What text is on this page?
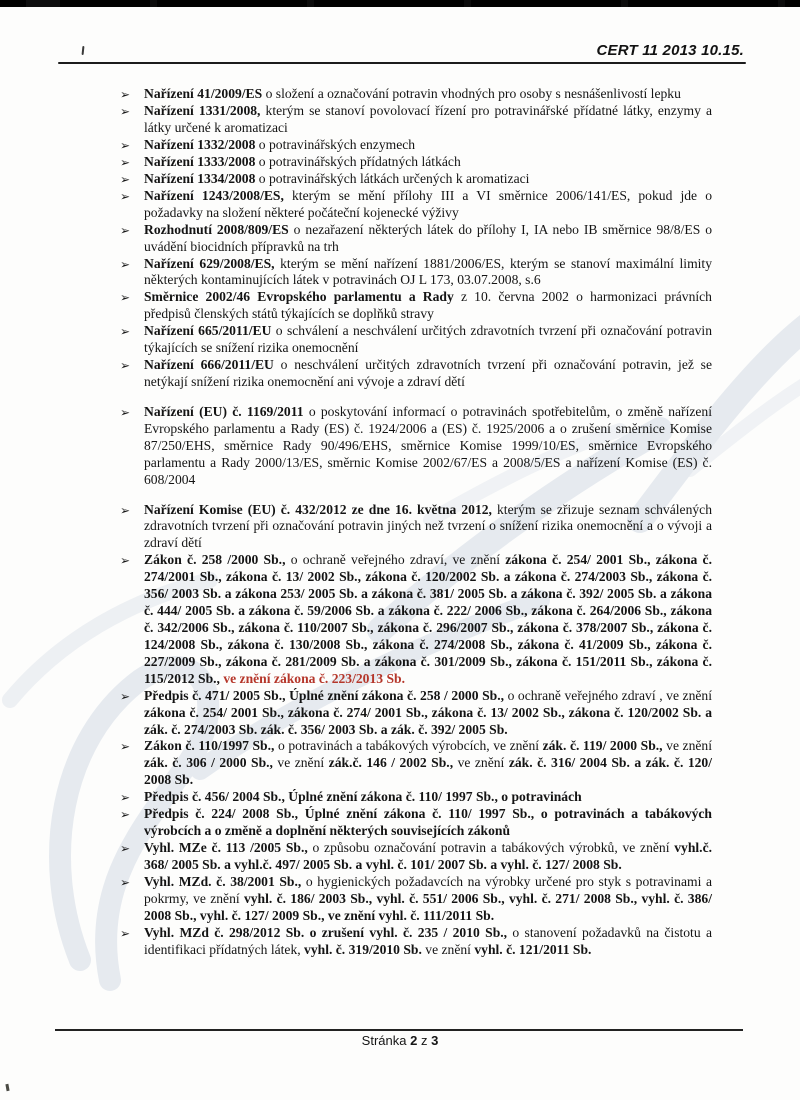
CERT 11 2013 10.15.
➢	Nařízení 41/2009/ES o složení a označování potravin vhodných pro osoby s nesnášenlivostí lepku
➢	Nařízení 1331/2008, kterým se stanoví povolovací řízení pro potravinářské přídatné látky, enzymy a látky určené k aromatizaci
➢	Nařízení 1332/2008 o potravinářských enzymech
➢	Nařízení 1333/2008 o potravinářských přídatných látkách
➢	Nařízení 1334/2008 o potravinářských látkách určených k aromatizaci
➢	Nařízení 1243/2008/ES, kterým se mění přílohy III a VI směrnice 2006/141/ES, pokud jde o požadavky na složení některé počáteční kojenecké výživy
➢	Rozhodnutí 2008/809/ES o nezařazení některých látek do přílohy I, IA nebo IB směrnice 98/8/ES o uvádění biocidních přípravků na trh
➢	Nařízení 629/2008/ES, kterým se mění nařízení 1881/2006/ES, kterým se stanoví maximální limity některých kontaminujících látek v potravinách OJ L 173, 03.07.2008, s.6
➢	Směrnice 2002/46 Evropského parlamentu a Rady z 10. června 2002 o harmonizaci právních předpisů členských států týkajících se doplňků stravy
➢	Nařízení 665/2011/EU o schválení a neschválení určitých zdravotních tvrzení při označování potravin týkajících se snížení rizika onemocnění
➢	Nařízení 666/2011/EU o neschválení určitých zdravotních tvrzení při označování potravin, jež se netýkají snížení rizika onemocnění ani vývoje a zdraví dětí
➢	Nařízení (EU) č. 1169/2011 o poskytování informací o potravinách spotřebitelům, o změně nařízení Evropského parlamentu a Rady (ES) č. 1924/2006 a (ES) č. 1925/2006 a o zrušení směrnice Komise 87/250/EHS, směrnice Rady 90/496/EHS, směrnice Komise 1999/10/ES, směrnice Evropského parlamentu a Rady 2000/13/ES, směrnic Komise 2002/67/ES a 2008/5/ES a nařízení Komise (ES) č. 608/2004
➢	Nařízení Komise (EU) č. 432/2012 ze dne 16. května 2012, kterým se zřizuje seznam schválených zdravotních tvrzení při označování potravin jiných než tvrzení o snížení rizika onemocnění a o vývoji a zdraví dětí
➢	Zákon č. 258 /2000 Sb., o ochraně veřejného zdraví, ve znění zákona č. 254/ 2001 Sb., zákona č. 274/2001 Sb., zákona č. 13/ 2002 Sb., zákona č. 120/2002 Sb. a zákona č. 274/2003 Sb., zákona č. 356/ 2003 Sb. a zákona 253/ 2005 Sb. a zákona č. 381/ 2005 Sb. a zákona č. 392/ 2005 Sb. a zákona č. 444/ 2005 Sb. a zákona č. 59/2006 Sb. a zákona č. 222/ 2006 Sb., zákona č. 264/2006 Sb., zákona č. 342/2006 Sb., zákona č. 110/2007 Sb., zákona č. 296/2007 Sb., zákona č. 378/2007 Sb., zákona č. 124/2008 Sb., zákona č. 130/2008 Sb., zákona č. 274/2008 Sb., zákona č. 41/2009 Sb., zákona č. 227/2009 Sb., zákona č. 281/2009 Sb. a zákona č. 301/2009 Sb., zákona č. 151/2011 Sb., zákona č. 115/2012 Sb., ve znění zákona č. 223/2013 Sb.
➢	Předpis č. 471/ 2005 Sb., Úplné znění zákona č. 258 / 2000 Sb., o ochraně veřejného zdraví , ve znění zákona č. 254/ 2001 Sb., zákona č. 274/ 2001 Sb., zákona č. 13/ 2002 Sb., zákona č. 120/2002 Sb. a zák. č. 274/2003 Sb. zák. č. 356/ 2003 Sb. a zák. č. 392/ 2005 Sb.
➢	Zákon č. 110/1997 Sb., o potravinách a tabákových výrobcích, ve znění zák. č. 119/ 2000 Sb., ve znění zák. č. 306 / 2000 Sb., ve znění zák.č. 146 / 2002 Sb., ve znění zák. č. 316/ 2004 Sb. a zák. č. 120/ 2008 Sb.
➢	Předpis č. 456/ 2004 Sb., Úplné znění zákona č. 110/ 1997 Sb., o potravinách
➢	Předpis č. 224/ 2008 Sb., Úplné znění zákona č. 110/ 1997 Sb., o potravinách a tabákových výrobcích a o změně a doplnění některých souvisejících zákonů
➢	Vyhl. MZe č. 113 /2005 Sb., o způsobu označování potravin a tabákových výrobků, ve znění vyhl.č. 368/ 2005 Sb. a vyhl.č. 497/ 2005 Sb. a vyhl. č. 101/ 2007 Sb. a vyhl. č. 127/ 2008 Sb.
➢	Vyhl. MZd. č. 38/2001 Sb., o hygienických požadavcích na výrobky určené pro styk s potravinami a pokrmy, ve znění vyhl. č. 186/ 2003 Sb., vyhl. č. 551/ 2006 Sb., vyhl. č. 271/ 2008 Sb., vyhl. č. 386/ 2008 Sb., vyhl. č. 127/ 2009 Sb., ve znění vyhl. č. 111/2011 Sb.
➢	Vyhl. MZd č. 298/2012 Sb. o zrušení vyhl. č. 235 / 2010 Sb., o stanovení požadavků na čistotu a identifikaci přídatných látek, vyhl. č. 319/2010 Sb. ve znění vyhl. č. 121/2011 Sb.
Stránka 2 z 3
